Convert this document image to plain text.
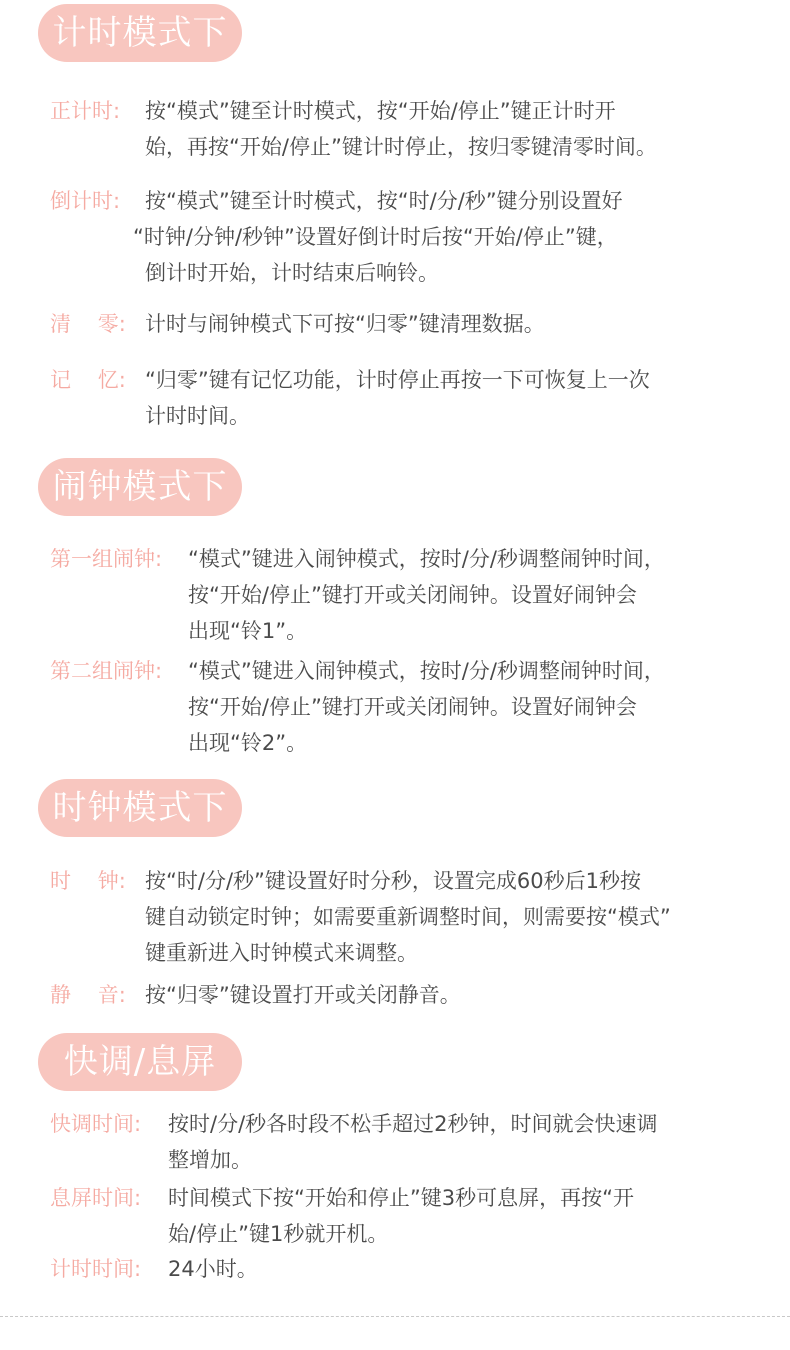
计时模式下
正计时: 按“模式”键至计时模式，按“开始/停止”键正计时开
始，再按“开始/停止”键计时停止，按归零键清零时间。
倒计时: 按“模式”键至计时模式，按“时/分/秒”键分别设置好
“时钟/分钟/秒钟”设置好倒计时后按“开始/停止”键，
倒计时开始，计时结束后响铃。
清    零: 计时与闹钟模式下可按“归零”键清理数据。
记    忆: “归零”键有记忆功能，计时停止再按一下可恢复上一次
计时时间。
闹钟模式下
第一组闹钟: “模式”键进入闹钟模式，按时/分/秒调整闹钟时间，
按“开始/停止”键打开或关闭闹钟。设置好闹钟会
出现“铃1”。
第二组闹钟: “模式”键进入闹钟模式，按时/分/秒调整闹钟时间，
按“开始/停止”键打开或关闭闹钟。设置好闹钟会
出现“铃2”。
时钟模式下
时    钟: 按“时/分/秒”键设置好时分秒，设置完成60秒后1秒按
键自动锁定时钟；如需要重新调整时间，则需要按“模式”
键重新进入时钟模式来调整。
静    音: 按“归零”键设置打开或关闭静音。
快调/息屏
快调时间: 按时/分/秒各时段不松手超过2秒钟，时间就会快速调
整增加。
息屏时间: 时间模式下按“开始和停止”键3秒可息屏，再按“开
始/停止”键1秒就开机。
计时时间: 24小时。
